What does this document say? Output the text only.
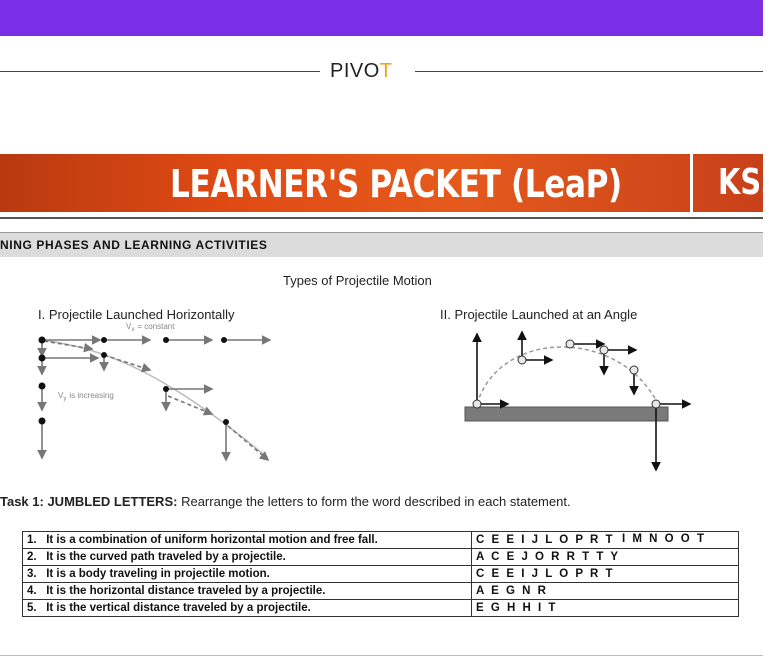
PIVOT
LEARNER'S PACKET (LeaP)	KS3
NING PHASES AND LEARNING ACTIVITIES
Types of Projectile Motion
I. Projectile Launched Horizontally	II. Projectile Launched at an Angle
$V_x$ = constant
$V_y$ is increasing
Task 1: JUMBLED LETTERS: Rearrange the letters to form the word described in each statement.
1. It is a combination of uniform horizontal motion and free fall.	C E E I J L O P R T I M N O O T

2. It is the curved path traveled by a projectile.	A C E J O R R T T Y
3. It is a body traveling in projectile motion.	C E E I J L O P R T
4. It is the horizontal distance traveled by a projectile.	A E G N R
5. It is the vertical distance traveled by a projectile.	E G H H I T
